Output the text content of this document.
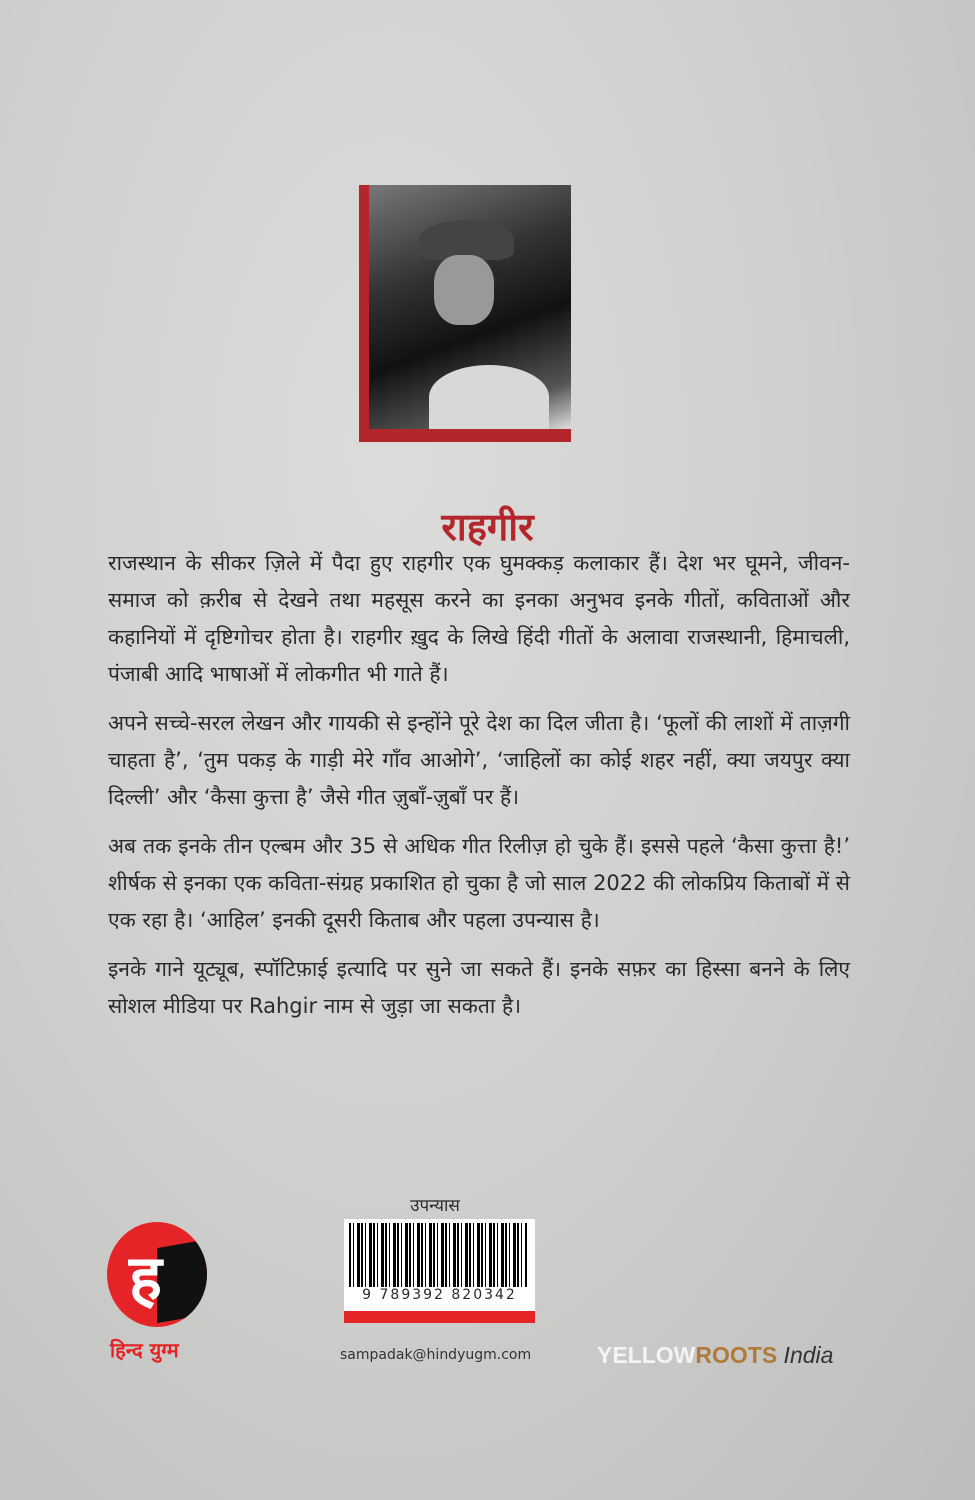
राहगीर

राजस्थान के सीकर ज़िले में पैदा हुए राहगीर एक घुमक्कड़ कलाकार हैं। देश भर घूमने, जीवन-समाज को क़रीब से देखने तथा महसूस करने का इनका अनुभव इनके गीतों, कविताओं और कहानियों में दृष्टिगोचर होता है। राहगीर ख़ुद के लिखे हिंदी गीतों के अलावा राजस्थानी, हिमाचली, पंजाबी आदि भाषाओं में लोकगीत भी गाते हैं।

अपने सच्चे-सरल लेखन और गायकी से इन्होंने पूरे देश का दिल जीता है। ‘फूलों की लाशों में ताज़गी चाहता है’, ‘तुम पकड़ के गाड़ी मेरे गाँव आओगे’, ‘जाहिलों का कोई शहर नहीं, क्या जयपुर क्या दिल्ली’ और ‘कैसा कुत्ता है’ जैसे गीत ज़ुबाँ-ज़ुबाँ पर हैं।

अब तक इनके तीन एल्बम और 35 से अधिक गीत रिलीज़ हो चुके हैं। इससे पहले ‘कैसा कुत्ता है!’ शीर्षक से इनका एक कविता-संग्रह प्रकाशित हो चुका है जो साल 2022 की लोकप्रिय किताबों में से एक रहा है। ‘आहिल’ इनकी दूसरी किताब और पहला उपन्यास है।

इनके गाने यूट्यूब, स्पॉटिफ़ाई इत्यादि पर सुने जा सकते हैं। इनके सफ़र का हिस्सा बनने के लिए सोशल मीडिया पर Rahgir नाम से जुड़ा जा सकता है।

ह
हिन्द युग्म
उपन्यास
9 789392 820342
sampadak@hindyugm.com	YELLOWROOTS India
